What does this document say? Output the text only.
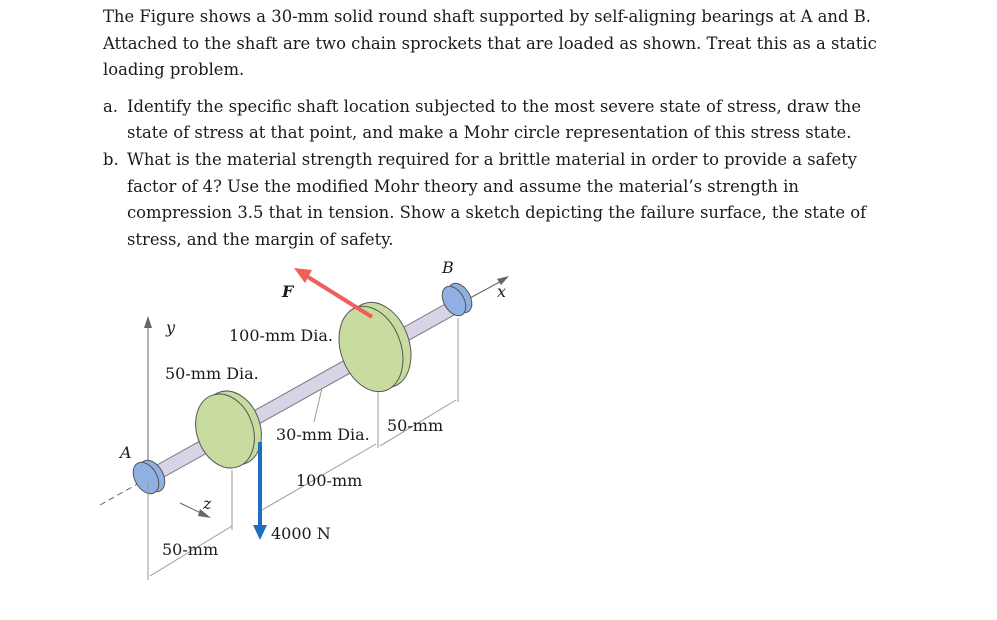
The Figure shows a 30-mm solid round shaft supported by self-aligning bearings at A and B. Attached to the shaft are two chain sprockets that are loaded as shown. Treat this as a static loading problem.

a. Identify the specific shaft location subjected to the most severe state of stress, draw the state of stress at that point, and make a Mohr circle representation of this stress state.
b. What is the material strength required for a brittle material in order to provide a safety factor of 4? Use the modified Mohr theory and assume the material’s strength in compression 3.5 that in tension. Show a sketch depicting the failure surface, the state of stress, and the margin of safety.
A
B
x
y
z
F
100-mm Dia.
50-mm Dia.
30-mm Dia. 50-mm
100-mm
4000 N
50-mm
